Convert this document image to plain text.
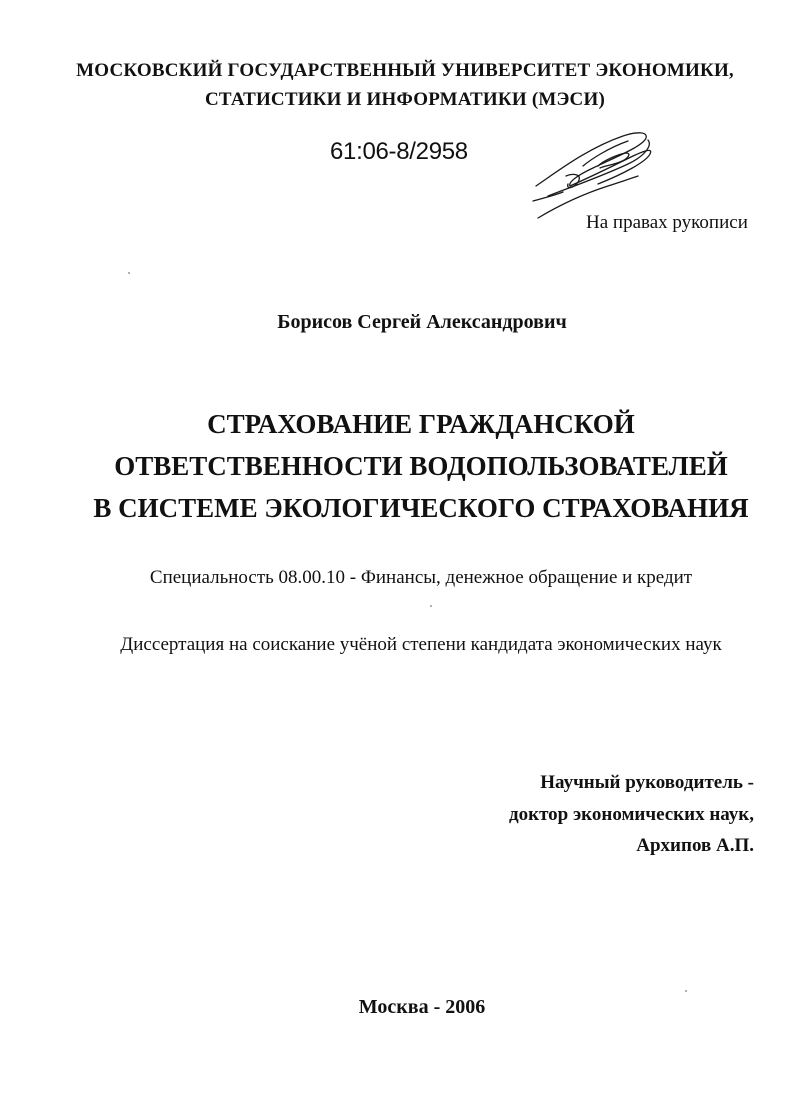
МОСКОВСКИЙ ГОСУДАРСТВЕННЫЙ УНИВЕРСИТЕТ ЭКОНОМИКИ,
СТАТИСТИКИ И ИНФОРМАТИКИ (МЭСИ)
61:06-8/2958
На правах рукописи
Борисов Сергей Александрович
СТРАХОВАНИЕ ГРАЖДАНСКОЙ
ОТВЕТСТВЕННОСТИ ВОДОПОЛЬЗОВАТЕЛЕЙ
В СИСТЕМЕ ЭКОЛОГИЧЕСКОГО СТРАХОВАНИЯ
Специальность 08.00.10 - Финансы, денежное обращение и кредит
Диссертация на соискание учёной степени кандидата экономических наук
Научный руководитель -
доктор экономических наук,
Архипов А.П.
Москва - 2006
